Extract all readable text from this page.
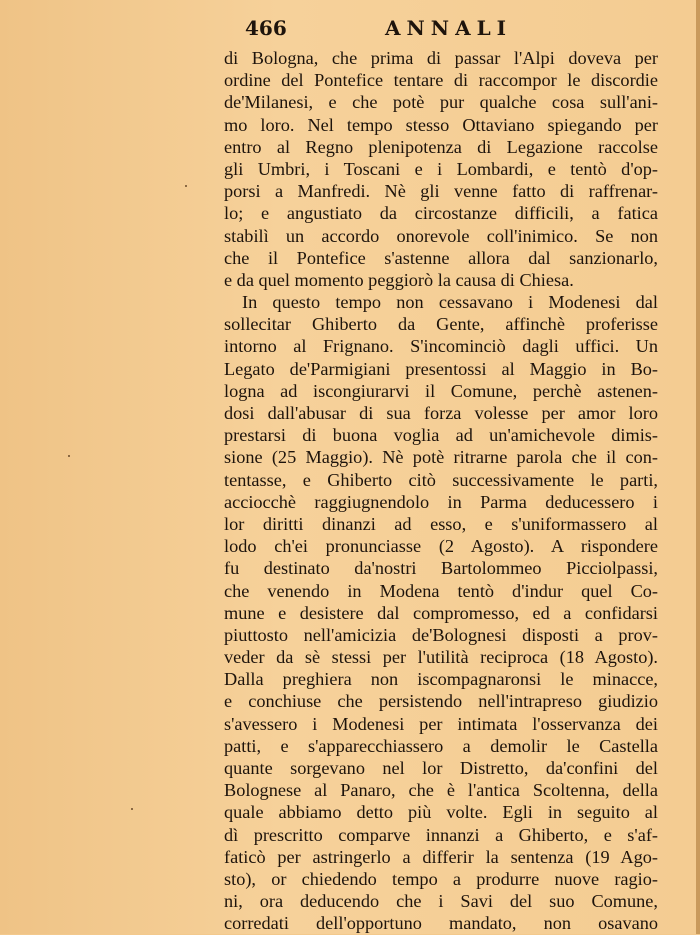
466	ANNALI
di Bologna, che prima di passar l'Alpi doveva per
ordine del Pontefice tentare di raccompor le discordie
de'Milanesi, e che potè pur qualche cosa sull'ani-
mo loro. Nel tempo stesso Ottaviano spiegando per
entro al Regno plenipotenza di Legazione raccolse
gli Umbri, i Toscani e i Lombardi, e tentò d'op-
porsi a Manfredi. Nè gli venne fatto di raffrenar-
lo; e angustiato da circostanze difficili, a fatica
stabilì un accordo onorevole coll'inimico. Se non
che il Pontefice s'astenne allora dal sanzionarlo,
e da quel momento peggiorò la causa di Chiesa.
In questo tempo non cessavano i Modenesi dal
sollecitar Ghiberto da Gente, affinchè proferisse
intorno al Frignano. S'incominciò dagli uffici. Un
Legato de'Parmigiani presentossi al Maggio in Bo-
logna ad iscongiurarvi il Comune, perchè astenen-
dosi dall'abusar di sua forza volesse per amor loro
prestarsi di buona voglia ad un'amichevole dimis-
sione (25 Maggio). Nè potè ritrarne parola che il con-
tentasse, e Ghiberto citò successivamente le parti,
acciocchè raggiugnendolo in Parma deducessero i
lor diritti dinanzi ad esso, e s'uniformassero al
lodo ch'ei pronunciasse (2 Agosto). A rispondere
fu destinato da'nostri Bartolommeo Picciolpassi,
che venendo in Modena tentò d'indur quel Co-
mune e desistere dal compromesso, ed a confidarsi
piuttosto nell'amicizia de'Bolognesi disposti a prov-
veder da sè stessi per l'utilità reciproca (18 Agosto).
Dalla preghiera non iscompagnaronsi le minacce,
e conchiuse che persistendo nell'intrapreso giudizio
s'avessero i Modenesi per intimata l'osservanza dei
patti, e s'apparecchiassero a demolir le Castella
quante sorgevano nel lor Distretto, da'confini del
Bolognese al Panaro, che è l'antica Scoltenna, della
quale abbiamo detto più volte. Egli in seguito al
dì prescritto comparve innanzi a Ghiberto, e s'af-
faticò per astringerlo a differir la sentenza (19 Ago-
sto), or chiedendo tempo a produrre nuove ragio-
ni, ora deducendo che i Savi del suo Comune,
corredati dell'opportuno mandato, non osavano
